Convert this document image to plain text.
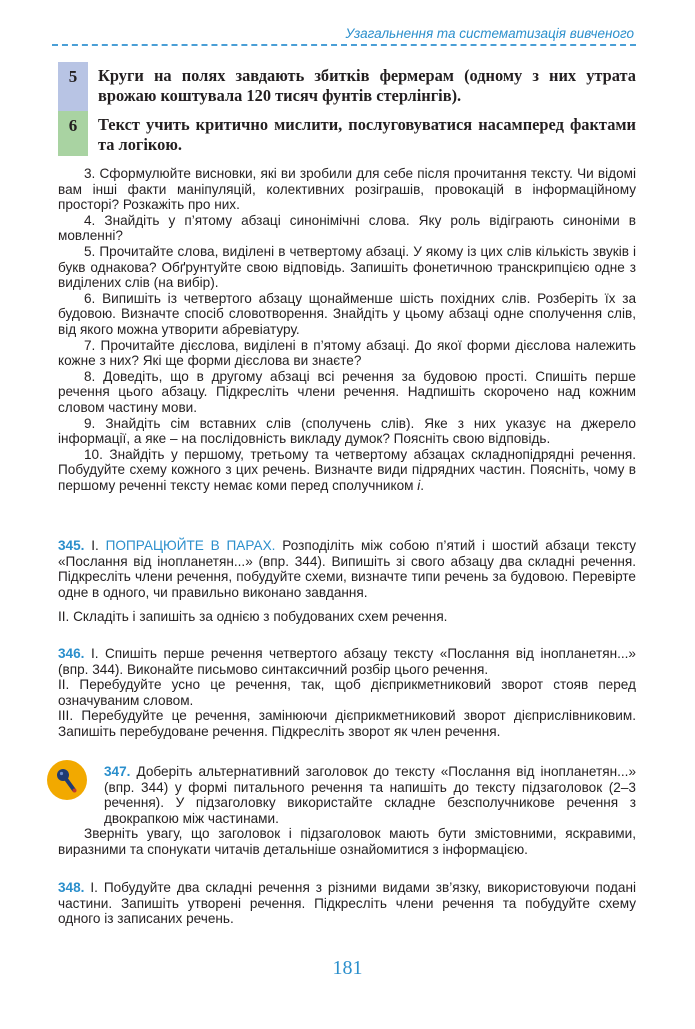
Узагальнення та систематизація вивченого
5	Круги на полях завдають збитків фермерам (одному з них утрата врожаю коштувала 120 тисяч фунтів стерлінгів).
6	Текст учить критично мислити, послуговуватися насамперед фактами та логікою.

3. Сформулюйте висновки, які ви зробили для себе після прочитання тексту. Чи відомі вам інші факти маніпуляцій, колективних розіграшів, провокацій в інформаційному просторі? Розкажіть про них.

4. Знайдіть у п’ятому абзаці синонімічні слова. Яку роль відіграють синоніми в мовленні?

5. Прочитайте слова, виділені в четвертому абзаці. У якому із цих слів кількість звуків і букв однакова? Обґрунтуйте свою відповідь. Запишіть фонетичною транскрипцією одне з виділених слів (на вибір).

6. Випишіть із четвертого абзацу щонайменше шість похідних слів. Розберіть їх за будовою. Визначте спосіб словотворення. Знайдіть у цьому абзаці одне сполучення слів, від якого можна утворити абревіатуру.

7. Прочитайте дієслова, виділені в п’ятому абзаці. До якої форми дієслова належить кожне з них? Які ще форми дієслова ви знаєте?

8. Доведіть, що в другому абзаці всі речення за будовою прості. Спишіть перше речення цього абзацу. Підкресліть члени речення. Надпишіть скорочено над кожним словом частину мови.

9. Знайдіть сім вставних слів (сполучень слів). Яке з них указує на джерело інформації, а яке – на послідовність викладу думок? Поясніть свою відповідь.

10. Знайдіть у першому, третьому та четвертому абзацах складнопідрядні речення. Побудуйте схему кожного з цих речень. Визначте види підрядних частин. Поясніть, чому в першому реченні тексту немає коми перед сполучником і.

345. І. ПОПРАЦЮЙТЕ В ПАРАХ. Розподіліть між собою п’ятий і шостий абзаци тексту «Послання від інопланетян...» (впр. 344). Випишіть зі свого абзацу два складні речення. Підкресліть члени речення, побудуйте схеми, визначте типи речень за будовою. Перевірте одне в одного, чи правильно виконано завдання.

ІІ. Складіть і запишіть за однією з побудованих схем речення.

346. І. Спишіть перше речення четвертого абзацу тексту «Послання від інопланетян...» (впр. 344). Виконайте письмово синтаксичний розбір цього речення.

ІІ. Перебудуйте усно це речення, так, щоб дієприкметниковий зворот стояв перед означуваним словом.

ІІІ. Перебудуйте це речення, замінюючи дієприкметниковий зворот дієприслівниковим. Запишіть перебудоване речення. Підкресліть зворот як член речення.

347. Доберіть альтернативний заголовок до тексту «Послання від інопланетян...» (впр. 344) у формі питального речення та напишіть до тексту підзаголовок (2–3 речення). У підзаголовку використайте складне безсполучникове речення з двокрапкою між частинами.

Зверніть увагу, що заголовок і підзаголовок мають бути змістовними, яскравими, виразними та спонукати читачів детальніше ознайомитися з інформацією.

348. І. Побудуйте два складні речення з різними видами зв’язку, використовуючи подані частини. Запишіть утворені речення. Підкресліть члени речення та побудуйте схему одного із записаних речень.

181
